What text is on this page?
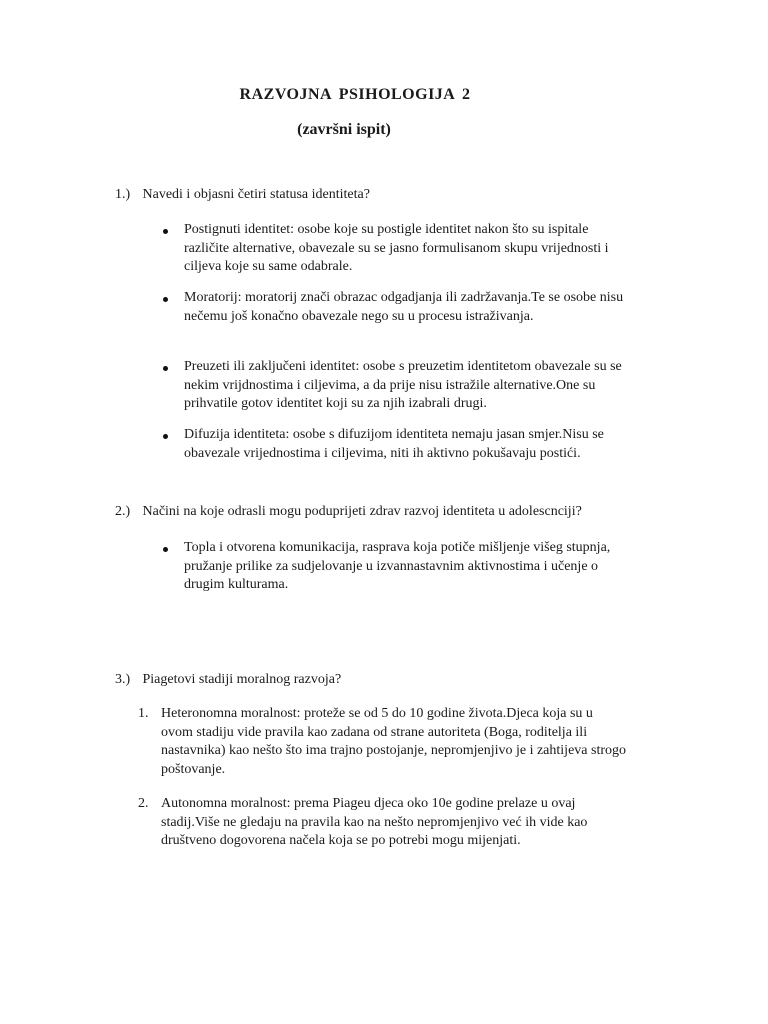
RAZVOJNA PSIHOLOGIJA 2
(završni ispit)
1.) Navedi i objasni četiri statusa identiteta?
Postignuti identitet: osobe koje su postigle identitet nakon što su ispitale
različite alternative, obavezale su se jasno formulisanom skupu vrijednosti i
ciljeva koje su same odabrale.
Moratorij: moratorij znači obrazac odgadjanja ili zadržavanja.Te se osobe nisu
nečemu još konačno obavezale nego su u procesu istraživanja.
Preuzeti ili zaključeni identitet: osobe s preuzetim identitetom obavezale su se
nekim vrijdnostima i ciljevima, a da prije nisu istražile alternative.One su
prihvatile gotov identitet koji su za njih izabrali drugi.
Difuzija identiteta: osobe s difuzijom identiteta nemaju jasan smjer.Nisu se
obavezale vrijednostima i ciljevima, niti ih aktivno pokušavaju postići.
2.) Načini na koje odrasli mogu poduprijeti zdrav razvoj identiteta u adolescnciji?
Topla i otvorena komunikacija, rasprava koja potiče mišljenje višeg stupnja,
pružanje prilike za sudjelovanje u izvannastavnim aktivnostima i učenje o
drugim kulturama.
3.) Piagetovi stadiji moralnog razvoja?
1. Heteronomna moralnost: proteže se od 5 do 10 godine života.Djeca koja su u
ovom stadiju vide pravila kao zadana od strane autoriteta (Boga, roditelja ili
nastavnika) kao nešto što ima trajno postojanje, nepromjenjivo je i zahtijeva strogo
poštovanje.
2. Autonomna moralnost: prema Piageu djeca oko 10e godine prelaze u ovaj
stadij.Više ne gledaju na pravila kao na nešto nepromjenjivo već ih vide kao
društveno dogovorena načela koja se po potrebi mogu mijenjati.
